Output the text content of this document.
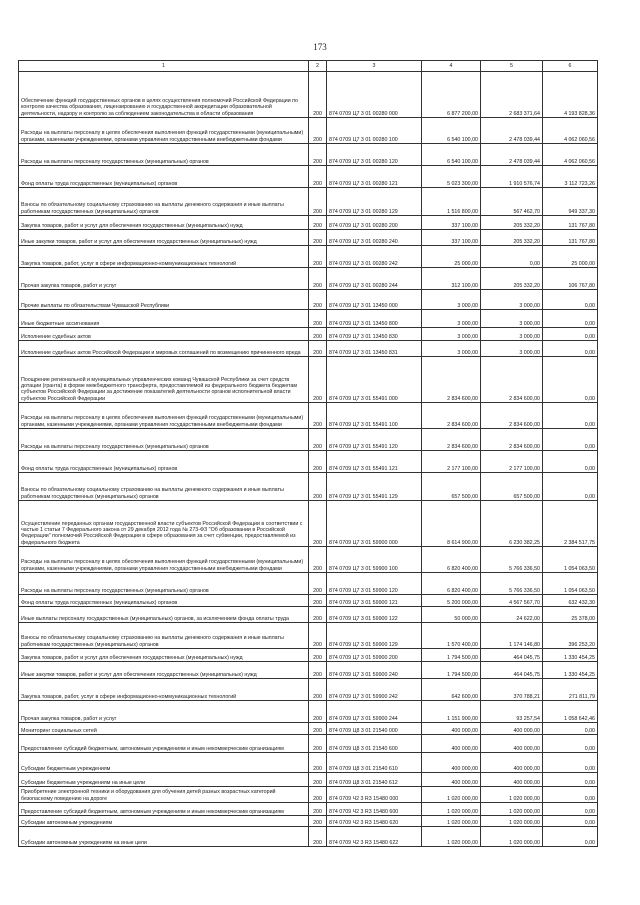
173
1	2	3	4	5	6
Обеспечение функций государственных органов в целях осуществления полномочий Российской Федерации по контролю качества образования, лицензированию и государственной аккредитации образовательной деятельности, надзору и контролю за соблюдением законодательства в области образования	200	874 0709 Ц7 3 01 00280 000	6 877 200,00	2 683 371,64	4 193 828,36
Расходы на выплаты персоналу в целях обеспечения выполнения функций государственными (муниципальными) органами, казенными учреждениями, органами управления государственными внебюджетными фондами	200	874 0709 Ц7 3 01 00280 100	6 540 100,00	2 478 039,44	4 062 060,56
Расходы на выплаты персоналу государственных (муниципальных) органов	200	874 0709 Ц7 3 01 00280 120	6 540 100,00	2 478 039,44	4 062 060,56
Фонд оплаты труда государственных (муниципальных) органов	200	874 0709 Ц7 3 01 00280 121	5 023 300,00	1 910 576,74	3 112 723,26
Взносы по обязательному социальному страхованию на выплаты денежного содержания и иные выплаты работникам государственных (муниципальных) органов	200	874 0709 Ц7 3 01 00280 129	1 516 800,00	567 462,70	949 337,30
Закупка товаров, работ и услуг для обеспечения государственных (муниципальных) нужд	200	874 0709 Ц7 3 01 00280 200	337 100,00	205 332,20	131 767,80
Иные закупки товаров, работ и услуг для обеспечения государственных (муниципальных) нужд	200	874 0709 Ц7 3 01 00280 240	337 100,00	205 332,20	131 767,80
Закупка товаров, работ, услуг в сфере информационно-коммуникационных технологий	200	874 0709 Ц7 3 01 00280 242	25 000,00	0,00	25 000,00
Прочая закупка товаров, работ и услуг	200	874 0709 Ц7 3 01 00280 244	312 100,00	205 332,20	106 767,80
Прочие выплаты по обязательствам Чувашской Республики	200	874 0709 Ц7 3 01 13450 000	3 000,00	3 000,00	0,00
Иные бюджетные ассигнования	200	874 0709 Ц7 3 01 13450 800	3 000,00	3 000,00	0,00
Исполнение судебных актов	200	874 0709 Ц7 3 01 13450 830	3 000,00	3 000,00	0,00
Исполнение судебных актов Российской Федерации и мировых соглашений по возмещению причиненного вреда	200	874 0709 Ц7 3 01 13450 831	3 000,00	3 000,00	0,00
Поощрение региональной и муниципальных управленческих команд Чувашской Республики за счет средств дотации (гранта) в форме межбюджетного трансферта, предоставляемой из федерального бюджета бюджетам субъектов Российской Федерации за достижение показателей деятельности органов исполнительной власти субъектов Российской Федерации	200	874 0709 Ц7 3 01 55491 000	2 834 600,00	2 834 600,00	0,00
Расходы на выплаты персоналу в целях обеспечения выполнения функций государственными (муниципальными) органами, казенными учреждениями, органами управления государственными внебюджетными фондами	200	874 0709 Ц7 3 01 55491 100	2 834 600,00	2 834 600,00	0,00
Расходы на выплаты персоналу государственных (муниципальных) органов	200	874 0709 Ц7 3 01 55491 120	2 834 600,00	2 834 600,00	0,00
Фонд оплаты труда государственных (муниципальных) органов	200	874 0709 Ц7 3 01 55491 121	2 177 100,00	2 177 100,00	0,00
Взносы по обязательному социальному страхованию на выплаты денежного содержания и иные выплаты работникам государственных (муниципальных) органов	200	874 0709 Ц7 3 01 55491 129	657 500,00	657 500,00	0,00
Осуществление переданных органам государственной власти субъектов Российской Федерации в соответствии с частью 1 статьи 7 Федерального закона от 29 декабря 2012 года № 273-ФЗ "Об образовании в Российской Федерации" полномочий Российской Федерации в сфере образования за счет субвенции, предоставляемой из федерального бюджета	200	874 0709 Ц7 3 01 59900 000	8 614 900,00	6 230 382,25	2 384 517,75
Расходы на выплаты персоналу в целях обеспечения выполнения функций государственными (муниципальными) органами, казенными учреждениями, органами управления государственными внебюджетными фондами	200	874 0709 Ц7 3 01 59900 100	6 820 400,00	5 766 336,50	1 054 063,50
Расходы на выплаты персоналу государственных (муниципальных) органов	200	874 0709 Ц7 3 01 59900 120	6 820 400,00	5 766 336,50	1 054 063,50
Фонд оплаты труда государственных (муниципальных) органов	200	874 0709 Ц7 3 01 59900 121	5 200 000,00	4 567 567,70	632 432,30
Иные выплаты персоналу государственных (муниципальных) органов, за исключением фонда оплаты труда	200	874 0709 Ц7 3 01 59900 122	50 000,00	24 622,00	25 378,00
Взносы по обязательному социальному страхованию на выплаты денежного содержания и иные выплаты работникам государственных (муниципальных) органов	200	874 0709 Ц7 3 01 59900 129	1 570 400,00	1 174 146,80	396 253,20
Закупка товаров, работ и услуг для обеспечения государственных (муниципальных) нужд	200	874 0709 Ц7 3 01 59900 200	1 794 500,00	464 045,75	1 330 454,25
Иные закупки товаров, работ и услуг для обеспечения государственных (муниципальных) нужд	200	874 0709 Ц7 3 01 59900 240	1 794 500,00	464 045,75	1 330 454,25
Закупка товаров, работ, услуг в сфере информационно-коммуникационных технологий	200	874 0709 Ц7 3 01 59900 242	642 600,00	370 788,21	271 811,79
Прочая закупка товаров, работ и услуг	200	874 0709 Ц7 3 01 59900 244	1 151 900,00	93 257,54	1 058 642,46
Мониторинг социальных сетей	200	874 0709 Ц8 3 01 21540 000	400 000,00	400 000,00	0,00
Предоставление субсидий бюджетным, автономным учреждениям и иным некоммерческим организациям	200	874 0709 Ц8 3 01 21540 600	400 000,00	400 000,00	0,00
Субсидии бюджетным учреждениям	200	874 0709 Ц8 3 01 21540 610	400 000,00	400 000,00	0,00
Субсидии бюджетным учреждениям на иные цели	200	874 0709 Ц8 3 01 21540 612	400 000,00	400 000,00	0,00
Приобретение электронной техники и оборудования для обучения детей разных возрастных категорий безопасному поведению на дороге	200	874 0709 Ч2 3 R3 15480 000	1 020 000,00	1 020 000,00	0,00
Предоставление субсидий бюджетным, автономным учреждениям и иным некоммерческим организациям	200	874 0709 Ч2 3 R3 15480 600	1 020 000,00	1 020 000,00	0,00
Субсидии автономным учреждениям	200	874 0709 Ч2 3 R3 15480 620	1 020 000,00	1 020 000,00	0,00
Субсидии автономным учреждениям на иные цели	200	874 0709 Ч2 3 R3 15480 622	1 020 000,00	1 020 000,00	0,00
